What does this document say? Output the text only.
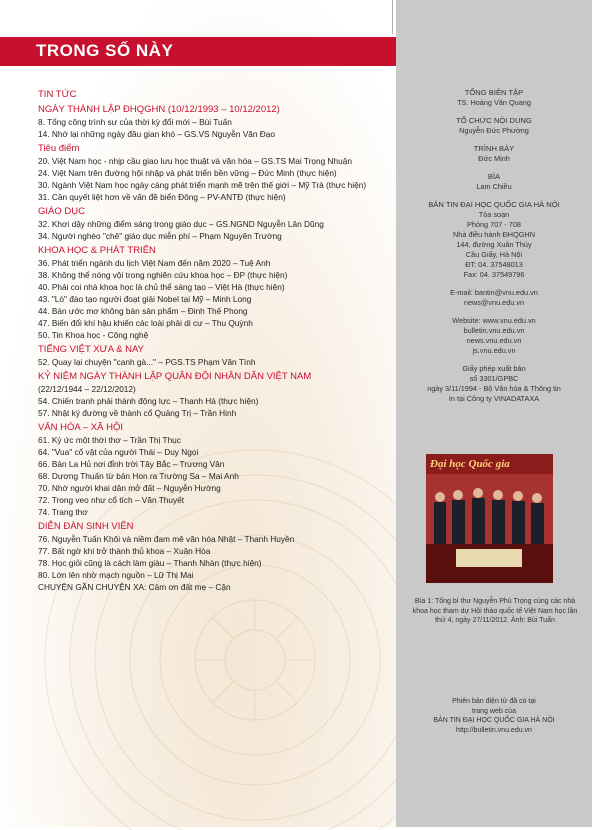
TRONG SỐ NÀY
TIN TỨC
NGÀY THÀNH LẬP ĐHQGHN (10/12/1993 – 10/12/2012)
8. Tổng công trình sư của thời kỳ đổi mới – Bùi Tuấn
14. Nhớ lại những ngày đầu gian khó – GS.VS Nguyễn Văn Đạo
Tiêu điểm
20. Việt Nam học - nhịp cầu giao lưu học thuật và văn hóa – GS.TS Mai Trọng Nhuận
24. Việt Nam trên đường hội nhập và phát triển bền vững – Đức Minh (thực hiện)
30. Ngành Việt Nam học ngày càng phát triển mạnh mẽ trên thế giới – Mỹ Trà (thực hiện)
31. Cần quyết liệt hơn về vấn đề biển Đông – PV-ANTĐ (thực hiện)
GIÁO DỤC
32. Khơi dậy những điểm sáng trong giáo dục – GS.NGND Nguyễn Lân Dũng
34. Người nghèo "chê" giáo dục miễn phí – Phạm Nguyên Trường
KHOA HỌC & PHÁT TRIỂN
36. Phát triển ngành du lịch Việt Nam đến năm 2020 – Tuệ Anh
38. Không thể nóng vội trong nghiên cứu khoa học – ĐP (thực hiện)
40. Phải coi nhà khoa học là chủ thể sáng tạo – Việt Hà (thực hiện)
43. "Lò" đào tạo người đoạt giải Nobel tại Mỹ – Minh Long
44. Bán ước mơ không bán sản phẩm – Đinh Thế Phong
47. Biến đổi khí hậu khiến các loài phải di cư – Thu Quỳnh
50. Tin Khoa học - Công nghệ
TIẾNG VIỆT XƯA & NAY
52. Quay lại chuyện "canh gà..." – PGS.TS Phạm Văn Tình
KỶ NIỆM NGÀY THÀNH LẬP QUÂN ĐỘI NHÂN DÂN VIỆT NAM
(22/12/1944 – 22/12/2012)
54. Chiến tranh phải thành động lực – Thanh Hà (thực hiện)
57. Nhật ký đường về thành cổ Quảng Trị – Trần Hinh
VĂN HÓA – XÃ HỘI
61. Ký ức một thời thơ – Trần Thị Thục
64. "Vua" cổ vật của người Thái – Duy Ngọi
66. Bản La Hủ nơi đỉnh trời Tây Bắc – Trương Vân
68. Dương Thuấn từ bản Hon ra Trường Sa – Mai Anh
70. Nhớ người khai dân mở đất – Nguyễn Hường
72. Trong veo như cổ tích – Văn Thuyết
74. Trang thơ
DIỄN ĐÀN SINH VIÊN
76. Nguyễn Tuấn Khôi và niềm đam mê văn hóa Nhật – Thanh Huyền
77. Bất ngờ khi trở thành thủ khoa – Xuân Hòa
78. Học giỏi cũng là cách làm giàu – Thanh Nhàn (thực hiện)
80. Lớn lên nhờ mạch nguồn – Lữ Thị Mai
CHUYỆN GẦN CHUYỆN XA: Cảm ơn đất mẹ – Cận
TỔNG BIÊN TẬP
TS. Hoàng Văn Quang
TỔ CHỨC NỘI DUNG
Nguyễn Đức Phường
TRÌNH BÀY
Đức Minh
BÌA
Lam Chiều
BẢN TIN ĐẠI HỌC QUỐC GIA HÀ NỘI
Tòa soạn
Phòng 707 - 708
Nhà điều hành ĐHQGHN
144, đường Xuân Thủy
Cầu Giấy, Hà Nội
ĐT: 04. 37548013
Fax: 04. 37549796
E-mail: bantin@vnu.edu.vn
news@vnu.edu.vn
Website: www.vnu.edu.vn
bulletin.vnu.edu.vn
news.vnu.edu.vn
js.vnu.edu.vn
Giấy phép xuất bản
số 3301/GPBC
ngày 3/11/1994 - Bộ Văn hóa & Thông tin
In tại Công ty VINADATAXA
Đại học Quốc gia
Bìa 1: Tổng bí thư Nguyễn Phú Trọng cùng các nhà khoa học tham dự Hội thảo quốc tế Việt Nam học lần thứ 4, ngày 27/11/2012. Ảnh: Bùi Tuấn
Phiên bản điện tử đã có tại
trang web của
BẢN TIN ĐẠI HỌC QUỐC GIA HÀ NỘI
http://bulletin.vnu.edu.vn
